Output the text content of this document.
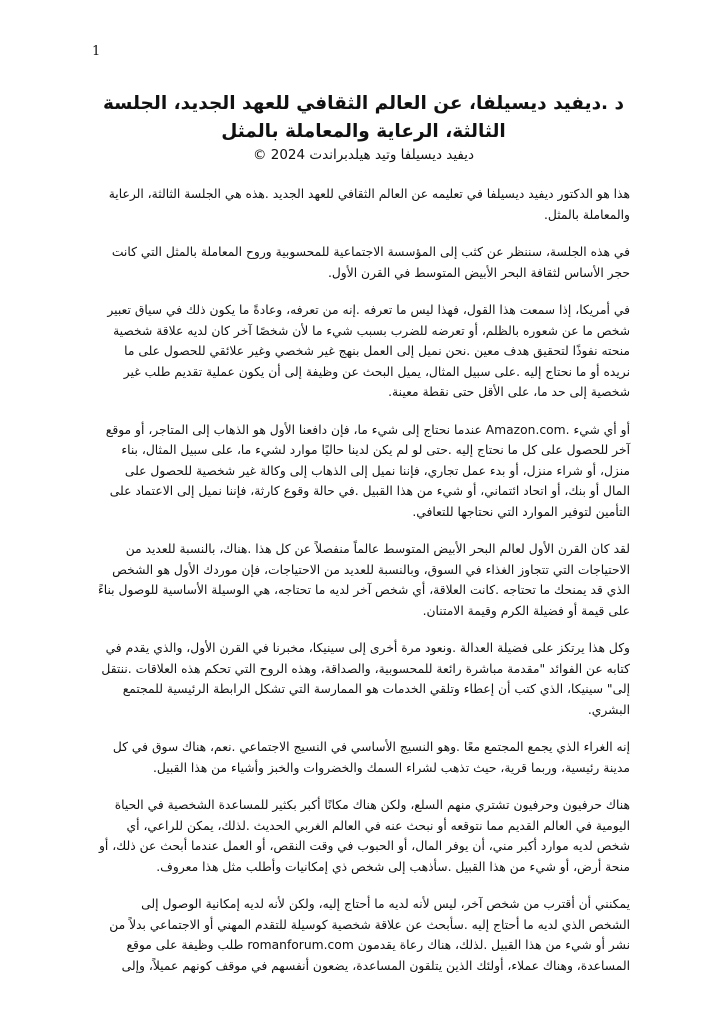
1
د .ديفيد ديسيلفا، عن العالم الثقافي للعهد الجديد، الجلسة الثالثة، الرعاية والمعاملة بالمثل

ديفيد ديسيلفا وتيد هيلدبراندت 2024 ©

هذا هو الدكتور ديفيد ديسيلفا في تعليمه عن العالم الثقافي للعهد الجديد .هذه هي الجلسة الثالثة، الرعاية والمعاملة بالمثل.

في هذه الجلسة، سننظر عن كثب إلى المؤسسة الاجتماعية للمحسوبية وروح المعاملة بالمثل التي كانت حجر الأساس لثقافة البحر الأبيض المتوسط في القرن الأول.

في أمريكا، إذا سمعت هذا القول، فهذا ليس ما تعرفه .إنه من تعرفه، وعادةً ما يكون ذلك في سياق تعبير شخص ما عن شعوره بالظلم، أو تعرضه للضرب بسبب شيء ما لأن شخصًا آخر كان لديه علاقة شخصية منحته نفوذًا لتحقيق هدف معين .نحن نميل إلى العمل بنهج غير شخصي وغير علائقي للحصول على ما نريده أو ما نحتاج إليه .على سبيل المثال، يميل البحث عن وظيفة إلى أن يكون عملية تقديم طلب غير شخصية إلى حد ما، على الأقل حتى نقطة معينة.

أو أي شيء .Amazon.com عندما نحتاج إلى شيء ما، فإن دافعنا الأول هو الذهاب إلى المتاجر، أو موقع آخر للحصول على كل ما نحتاج إليه .حتى لو لم يكن لدينا حاليًا موارد لشيء ما، على سبيل المثال، بناء منزل، أو شراء منزل، أو بدء عمل تجاري، فإننا نميل إلى الذهاب إلى وكالة غير شخصية للحصول على المال أو بنك، أو اتحاد ائتماني، أو شيء من هذا القبيل .في حالة وقوع كارثة، فإننا نميل إلى الاعتماد على التأمين لتوفير الموارد التي نحتاجها للتعافي.

لقد كان القرن الأول لعالم البحر الأبيض المتوسط عالماً منفصلاً عن كل هذا .هناك، بالنسبة للعديد من الاحتياجات التي تتجاوز الغذاء في السوق، وبالنسبة للعديد من الاحتياجات، فإن موردك الأول هو الشخص الذي قد يمنحك ما تحتاجه .كانت العلاقة، أي شخص آخر لديه ما تحتاجه، هي الوسيلة الأساسية للوصول بناءً على قيمة أو فضيلة الكرم وقيمة الامتنان.

وكل هذا يرتكز على فضيلة العدالة .ونعود مرة أخرى إلى سينيكا، مخبرنا في القرن الأول، والذي يقدم في كتابه عن الفوائد "مقدمة مباشرة رائعة للمحسوبية، والصداقة، وهذه الروح التي تحكم هذه العلاقات .ننتقل إلى" سينيكا، الذي كتب أن إعطاء وتلقي الخدمات هو الممارسة التي تشكل الرابطة الرئيسية للمجتمع البشري.

إنه الغراء الذي يجمع المجتمع معًا .وهو النسيج الأساسي في النسيج الاجتماعي .نعم، هناك سوق في كل مدينة رئيسية، وربما قرية، حيث تذهب لشراء السمك والخضروات والخبز وأشياء من هذا القبيل.

هناك حرفيون وحرفيون تشتري منهم السلع، ولكن هناك مكانًا أكبر بكثير للمساعدة الشخصية في الحياة اليومية في العالم القديم مما نتوقعه أو نبحث عنه في العالم الغربي الحديث .لذلك، يمكن للراعي، أي شخص لديه موارد أكبر مني، أن يوفر المال، أو الحبوب في وقت النقص، أو العمل عندما أبحث عن ذلك، أو منحة أرض، أو شيء من هذا القبيل .سأذهب إلى شخص ذي إمكانيات وأطلب مثل هذا معروف.

يمكنني أن أقترب من شخص آخر، ليس لأنه لديه ما أحتاج إليه، ولكن لأنه لديه إمكانية الوصول إلى الشخص الذي لديه ما أحتاج إليه .سأبحث عن علاقة شخصية كوسيلة للتقدم المهني أو الاجتماعي بدلاً من نشر أو شيء من هذا القبيل .لذلك، هناك رعاة يقدمون romanforum.com طلب وظيفة على موقع المساعدة، وهناك عملاء، أولئك الذين يتلقون المساعدة، يضعون أنفسهم في موقف كونهم عميلاً، وإلى
